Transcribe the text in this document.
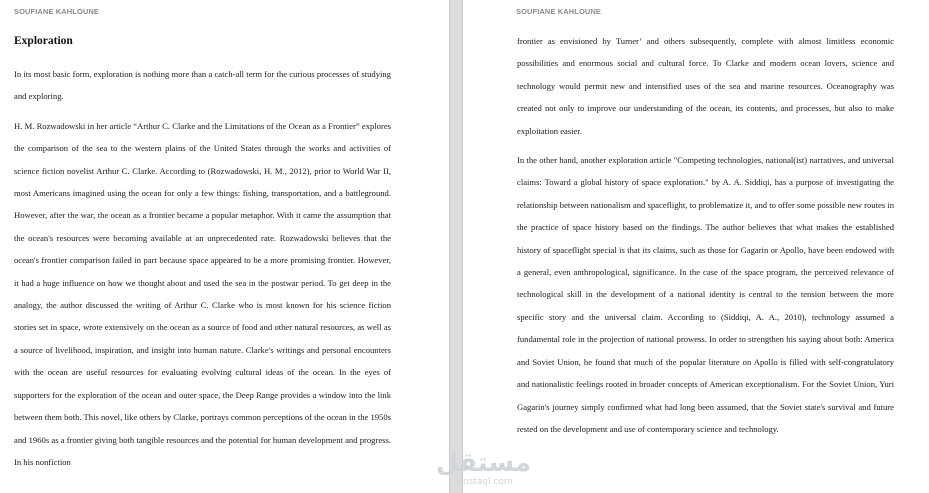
SOUFIANE KAHLOUNE
Exploration

In its most basic form, exploration is nothing more than a catch-all term for the curious processes of studying and exploring.

H. M. Rozwadowski in her article “Arthur C. Clarke and the Limitations of the Ocean as a Frontier” explores the comparison of the sea to the western plains of the United States through the works and activities of science fiction novelist Arthur C. Clarke. According to (Rozwadowski, H. M., 2012), prior to World War II, most Americans imagined using the ocean for only a few things: fishing, transportation, and a battleground. However, after the war, the ocean as a frontier became a popular metaphor. With it came the assumption that the ocean's resources were becoming available at an unprecedented rate. Rozwadowski believes that the ocean's frontier comparison failed in part because space appeared to be a more promising frontier. However, it had a huge influence on how we thought about and used the sea in the postwar period. To get deep in the analogy, the author discussed the writing of Arthur C. Clarke who is most known for his science fiction stories set in space, wrote extensively on the ocean as a source of food and other natural resources, as well as a source of livelihood, inspiration, and insight into human nature. Clarke's writings and personal encounters with the ocean are useful resources for evaluating evolving cultural ideas of the ocean. In the eyes of supporters for the exploration of the ocean and outer space, the Deep Range provides a window into the link between them both. This novel, like others by Clarke, portrays common perceptions of the ocean in the 1950s and 1960s as a frontier giving both tangible resources and the potential for human development and progress. In his nonfiction

SOUFIANE KAHLOUNE

frontier as envisioned by Turner’ and others subsequently, complete with almost limitless economic possibilities and enormous social and cultural force. To Clarke and modern ocean lovers, science and technology would permit new and intensified uses of the sea and marine resources. Oceanography was created not only to improve our understanding of the ocean, its contents, and processes, but also to make exploitation easier.

In the other hand, another exploration article "Competing technologies, national(ist) narratives, and universal claims: Toward a global history of space exploration." by A. A. Siddiqi, has a purpose of investigating the relationship between nationalism and spaceflight, to problematize it, and to offer some possible new routes in the practice of space history based on the findings. The author believes that what makes the established history of spaceflight special is that its claims, such as those for Gagarin or Apollo, have been endowed with a general, even anthropological, significance. In the case of the space program, the perceived relevance of technological skill in the development of a national identity is central to the tension between the more specific story and the universal claim. According to (Siddiqi, A. A., 2010), technology assumed a fundamental role in the projection of national prowess. In order to strengthen his saying about both: America and Soviet Union, he found that much of the popular literature on Apollo is filled with self-congratulatory and nationalistic feelings rooted in broader concepts of American exceptionalism. For the Soviet Union, Yuri Gagarin's journey simply confirmed what had long been assumed, that the Soviet state's survival and future rested on the development and use of contemporary science and technology.

مستقل
mostaql.com
